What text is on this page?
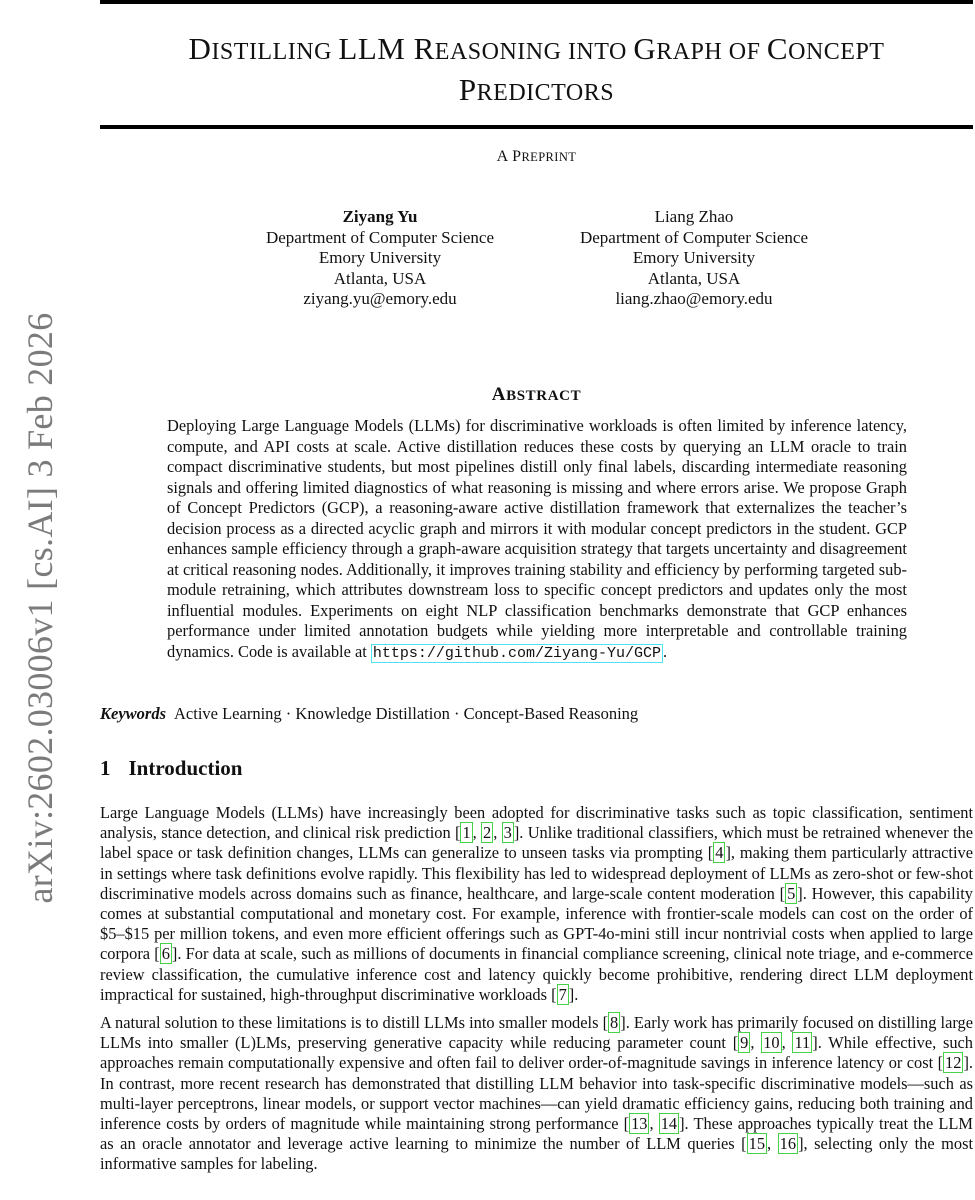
arXiv:2602.03006v1 [cs.AI] 3 Feb 2026
DISTILLING LLM REASONING INTO GRAPH OF CONCEPT
PREDICTORS
A PREPRINT
Ziyang Yu
Department of Computer Science
Emory University
Atlanta, USA
ziyang.yu@emory.edu
Liang Zhao
Department of Computer Science
Emory University
Atlanta, USA
liang.zhao@emory.edu
ABSTRACT
Deploying Large Language Models (LLMs) for discriminative workloads is often limited by inference latency, compute, and API costs at scale. Active distillation reduces these costs by querying an LLM oracle to train compact discriminative students, but most pipelines distill only final labels, discarding intermediate reasoning signals and offering limited diagnostics of what reasoning is missing and where errors arise. We propose Graph of Concept Predictors (GCP), a reasoning-aware active distillation framework that externalizes the teacher’s decision process as a directed acyclic graph and mirrors it with modular concept predictors in the student. GCP enhances sample efficiency through a graph-aware acquisition strategy that targets uncertainty and disagreement at critical reasoning nodes. Additionally, it improves training stability and efficiency by performing targeted sub-module retraining, which attributes downstream loss to specific concept predictors and updates only the most influential modules. Experiments on eight NLP classification benchmarks demonstrate that GCP enhances performance under limited annotation budgets while yielding more interpretable and controllable training dynamics. Code is available at https://github.com/Ziyang-Yu/GCP .
Keywords Active Learning · Knowledge Distillation · Concept-Based Reasoning
1 Introduction
Large Language Models (LLMs) have increasingly been adopted for discriminative tasks such as topic classification, sentiment analysis, stance detection, and clinical risk prediction [ 1 , 2 , 3 ]. Unlike traditional classifiers, which must be retrained whenever the label space or task definition changes, LLMs can generalize to unseen tasks via prompting [ 4 ], making them particularly attractive in settings where task definitions evolve rapidly. This flexibility has led to widespread deployment of LLMs as zero-shot or few-shot discriminative models across domains such as finance, healthcare, and large-scale content moderation [ 5 ]. However, this capability comes at substantial computational and monetary cost. For example, inference with frontier-scale models can cost on the order of $5–$15 per million tokens, and even more efficient offerings such as GPT-4o-mini still incur nontrivial costs when applied to large corpora [ 6 ]. For data at scale, such as millions of documents in financial compliance screening, clinical note triage, and e-commerce review classification, the cumulative inference cost and latency quickly become prohibitive, rendering direct LLM deployment impractical for sustained, high-throughput discriminative workloads [ 7 ].
A natural solution to these limitations is to distill LLMs into smaller models [ 8 ]. Early work has primarily focused on distilling large LLMs into smaller (L)LMs, preserving generative capacity while reducing parameter count [ 9 , 10 , 11 ]. While effective, such approaches remain computationally expensive and often fail to deliver order-of-magnitude savings in inference latency or cost [ 12 ]. In contrast, more recent research has demonstrated that distilling LLM behavior into task-specific discriminative models—such as multi-layer perceptrons, linear models, or support vector machines—can yield dramatic efficiency gains, reducing both training and inference costs by orders of magnitude while maintaining strong performance [ 13 , 14 ]. These approaches typically treat the LLM as an oracle annotator and leverage active learning to minimize the number of LLM queries [ 15 , 16 ], selecting only the most informative samples for labeling.
